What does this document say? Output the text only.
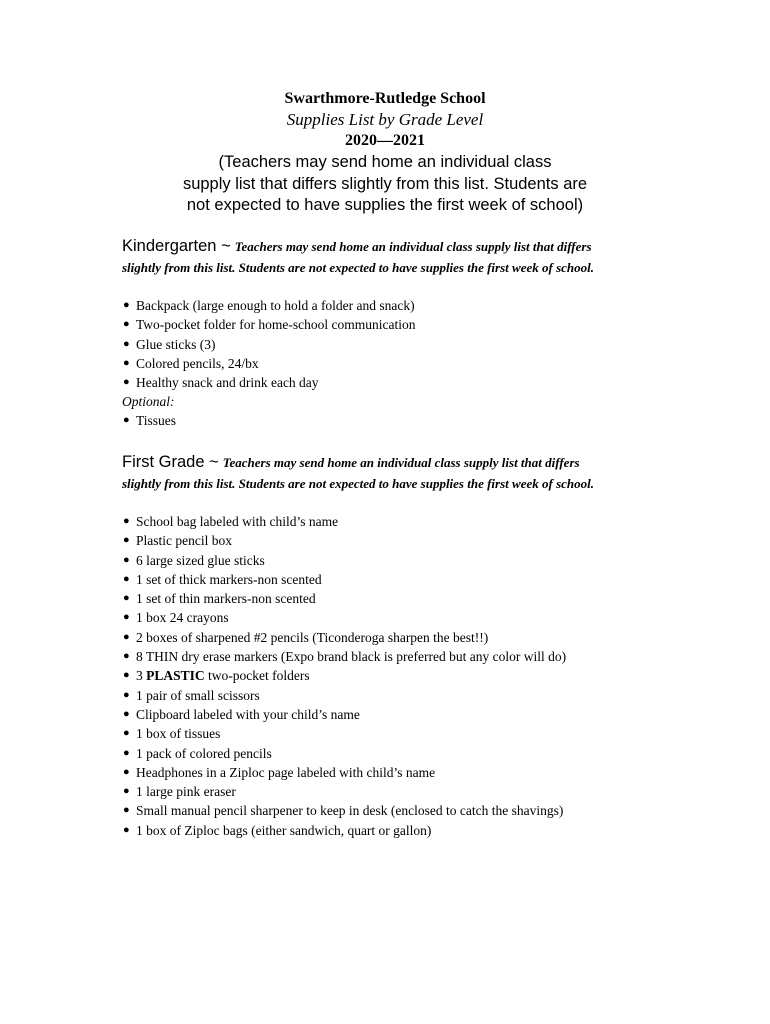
Swarthmore-Rutledge School
Supplies List by Grade Level
2020—2021
(Teachers may send home an individual class
supply list that differs slightly from this list. Students are
not expected to have supplies the first week of school)
Kindergarten ~ Teachers may send home an individual class supply list that differs
slightly from this list. Students are not expected to have supplies the first week of school.
● Backpack (large enough to hold a folder and snack)
● Two-pocket folder for home-school communication
● Glue sticks (3)
● Colored pencils, 24/bx
● Healthy snack and drink each day
Optional:
● Tissues
First Grade ~ Teachers may send home an individual class supply list that differs
slightly from this list. Students are not expected to have supplies the first week of school.
● School bag labeled with child’s name
● Plastic pencil box
● 6 large sized glue sticks
● 1 set of thick markers-non scented
● 1 set of thin markers-non scented
● 1 box 24 crayons
● 2 boxes of sharpened #2 pencils (Ticonderoga sharpen the best!!)
● 8 THIN dry erase markers (Expo brand black is preferred but any color will do)
● 3 PLASTIC two-pocket folders
● 1 pair of small scissors
● Clipboard labeled with your child’s name
● 1 box of tissues
● 1 pack of colored pencils
● Headphones in a Ziploc page labeled with child’s name
● 1 large pink eraser
● Small manual pencil sharpener to keep in desk (enclosed to catch the shavings)
● 1 box of Ziploc bags (either sandwich, quart or gallon)
